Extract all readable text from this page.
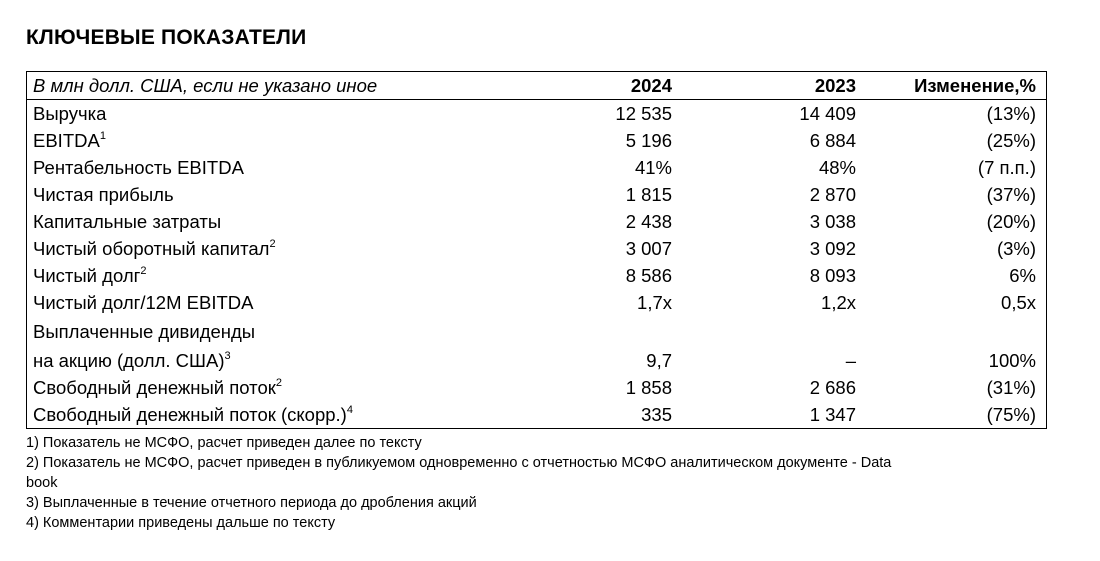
КЛЮЧЕВЫЕ ПОКАЗАТЕЛИ
В млн долл. США, если не указано иное	2024	2023	Изменение,%
Выручка	12 535	14 409	(13%)
EBITDA$^1$	5 196	6 884	(25%)
Рентабельность EBITDA	41%	48%	(7 п.п.)
Чистая прибыль	1 815	2 870	(37%)
Капитальные затраты	2 438	3 038	(20%)
Чистый оборотный капитал$^2$	3 007	3 092	(3%)
Чистый долг$^2$	8 586	8 093	6%
Чистый долг/12М EBITDA	1,7x	1,2x	0,5x
Выплаченные дивиденды
на акцию (долл. США)$^3$	9,7	–	100%
Свободный денежный поток$^2$	1 858	2 686	(31%)
Свободный денежный поток (скорр.)$^4$	335	1 347	(75%)

1) Показатель не МСФО, расчет приведен далее по тексту

2) Показатель не МСФО, расчет приведен в публикуемом одновременно с отчетностью МСФО аналитическом документе - Data

book

3) Выплаченные в течение отчетного периода до дробления акций

4) Комментарии приведены дальше по тексту
